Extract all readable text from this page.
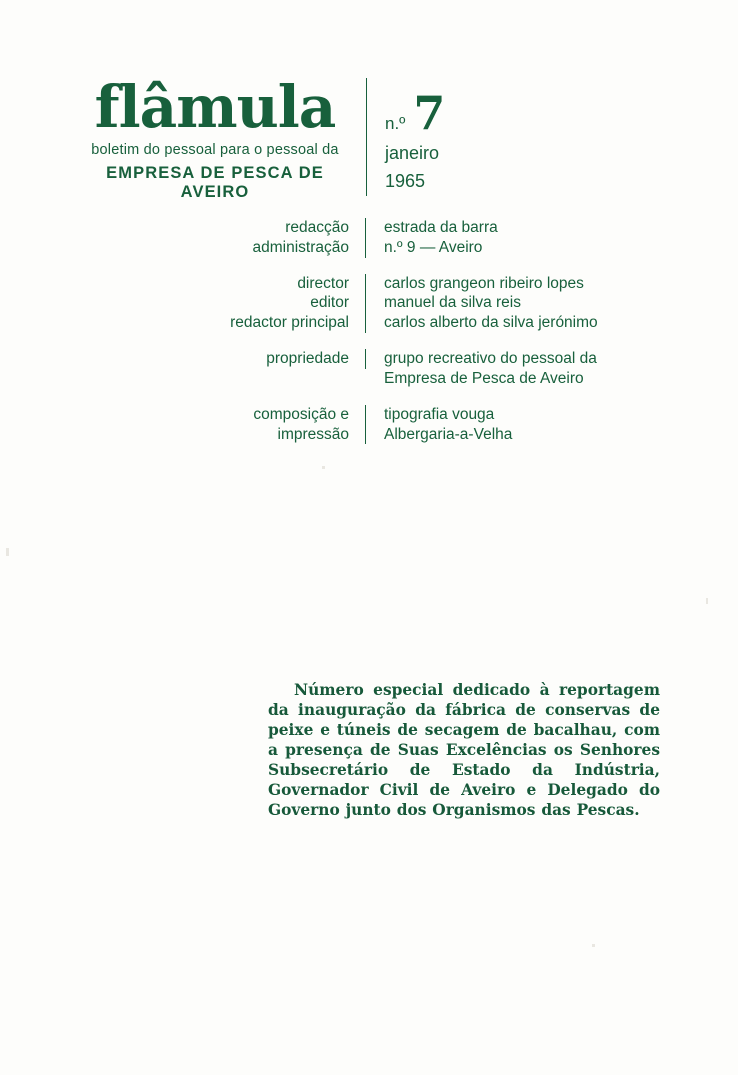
flâmula
boletim do pessoal para o pessoal da
EMPRESA DE PESCA DE AVEIRO
n.º 7
janeiro
1965
redacção
administração
estrada da barra
n.º 9 — Aveiro
director
editor
redactor principal
carlos grangeon ribeiro lopes
manuel da silva reis
carlos alberto da silva jerónimo
propriedade grupo recreativo do pessoal da
Empresa de Pesca de Aveiro
composição e
impressão
tipografia vouga
Albergaria-a-Velha

Número especial dedicado à reportagem da inauguração da fábrica de conservas de peixe e túneis de secagem de bacalhau, com a presença de Suas Excelências os Senhores Subsecretário de Estado da Indústria, Governador Civil de Aveiro e Delegado do Governo junto dos Organismos das Pescas.
